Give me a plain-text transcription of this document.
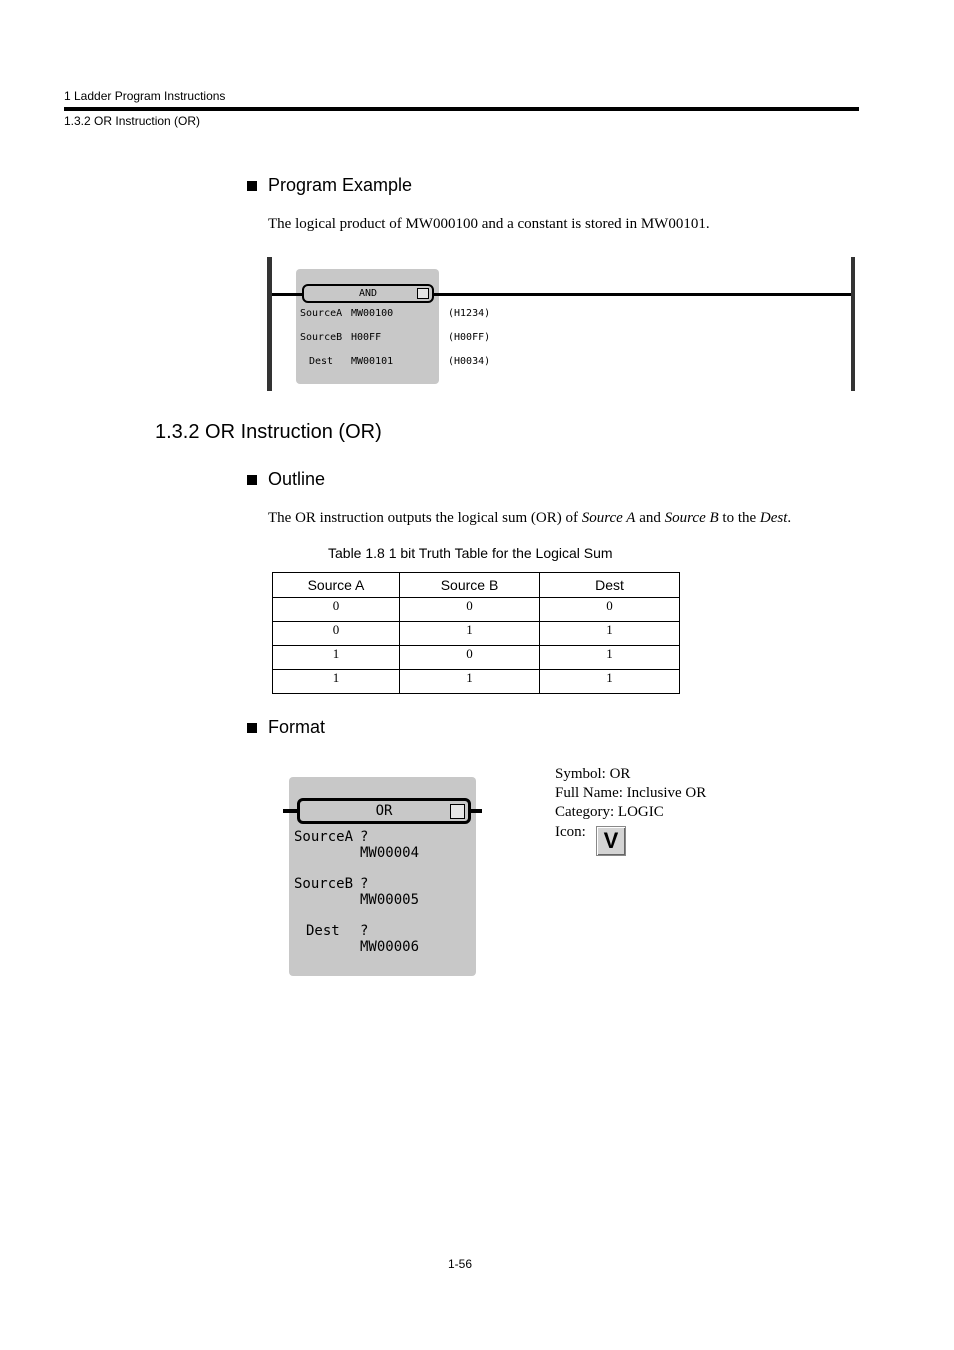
1 Ladder Program Instructions
1.3.2 OR Instruction (OR)
Program Example
The logical product of MW000100 and a constant is stored in MW00101.
AND
SourceA MW00100	(H1234)
SourceB H00FF	(H00FF)
Dest MW00101	(H0034)
1.3.2 OR Instruction (OR)
Outline
The OR instruction outputs the logical sum (OR) of Source A and Source B to the Dest.
Table 1.8 1 bit Truth Table for the Logical Sum
Source A	Source B	Dest
0	0	0
0	1	1
1	0	1
1	1	1
Format
OR
SourceA ?
MW00004
SourceB ?
MW00005
Dest ?
MW00006
Symbol: OR
Full Name: Inclusive OR
Category: LOGIC
Icon: V
1-56
